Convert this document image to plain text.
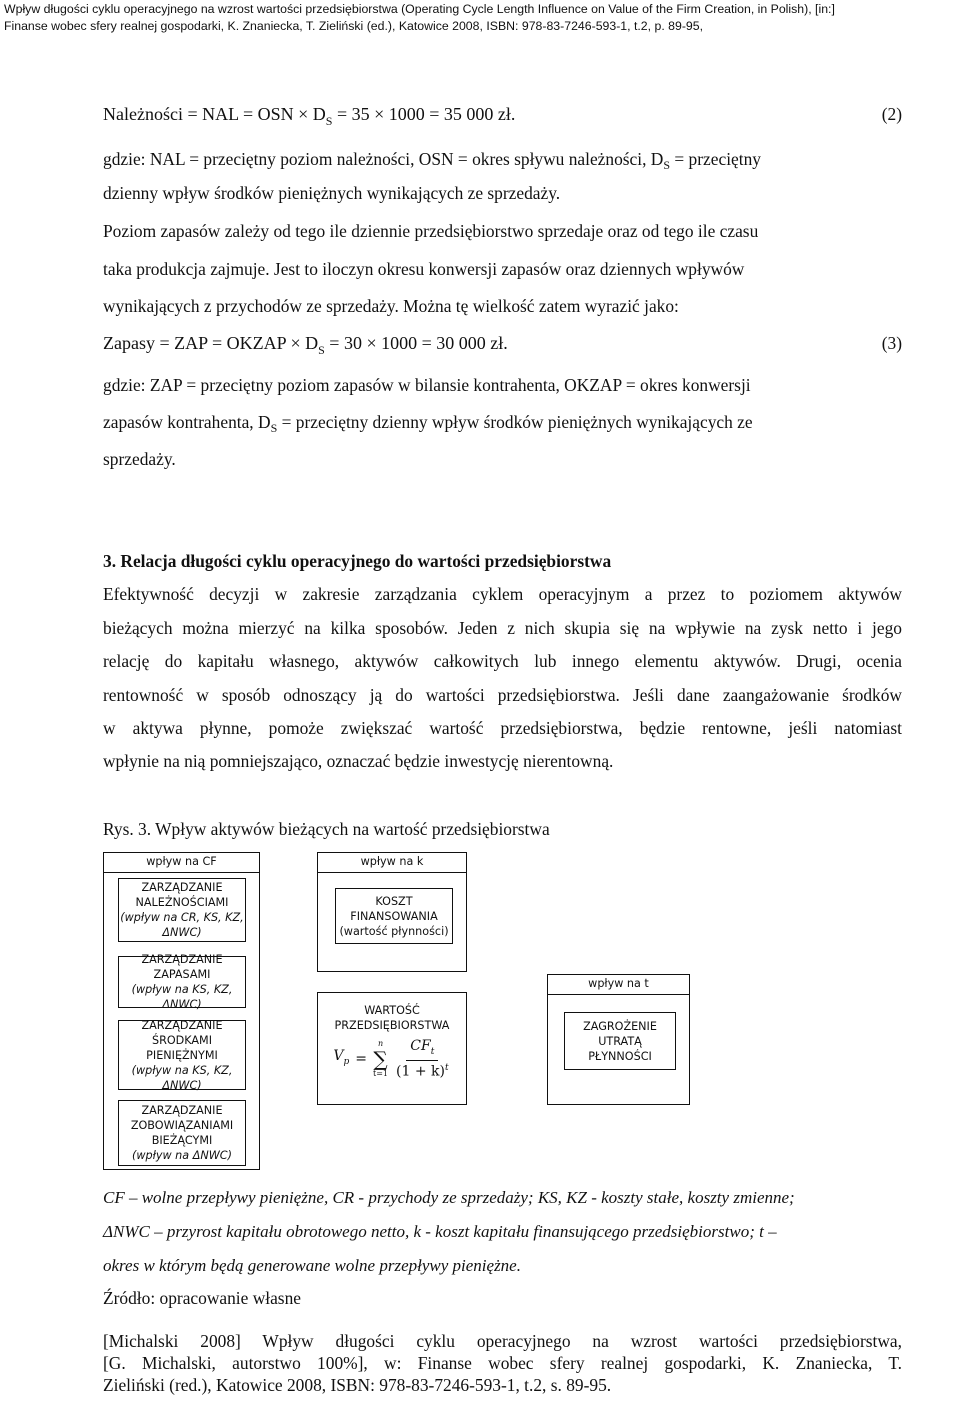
Wpływ długości cyklu operacyjnego na wzrost wartości przedsiębiorstwa (Operating Cycle Length Influence on Value of the Firm Creation, in Polish), [in:]
Finanse wobec sfery realnej gospodarki, K. Znaniecka, T. Zieliński (ed.), Katowice 2008, ISBN: 978-83-7246-593-1, t.2, p. 89-95,
Należności = NAL = OSN × $D_S = 35 \times 1000 = 35$ 000 zł.	(2)
gdzie: NAL = przeciętny poziom należności, OSN = okres spływu należności, $D_S$ = przeciętny
dzienny wpływ środków pieniężnych wynikających ze sprzedaży.
Poziom zapasów zależy od tego ile dziennie przedsiębiorstwo sprzedaje oraz od tego ile czasu
taka produkcja zajmuje. Jest to iloczyn okresu konwersji zapasów oraz dziennych wpływów
wynikających z przychodów ze sprzedaży. Można tę wielkość zatem wyrazić jako:
Zapasy = ZAP = OKZAP × $D_S = 30 \times 1000 = 30$ 000 zł.	(3)
gdzie: ZAP = przeciętny poziom zapasów w bilansie kontrahenta, OKZAP = okres konwersji
zapasów kontrahenta, $D_S$ = przeciętny dzienny wpływ środków pieniężnych wynikających ze
sprzedaży.
3. Relacja długości cyklu operacyjnego do wartości przedsiębiorstwa
Efektywność decyzji w zakresie zarządzania cyklem operacyjnym a przez to poziomem aktywów
bieżących można mierzyć na kilka sposobów. Jeden z nich skupia się na wpływie na zysk netto i jego
relację do kapitału własnego, aktywów całkowitych lub innego elementu aktywów. Drugi, ocenia
rentowność w sposób odnoszący ją do wartości przedsiębiorstwa. Jeśli dane zaangażowanie środków
w aktywa płynne, pomoże zwiększać wartość przedsiębiorstwa, będzie rentowne, jeśli natomiast
wpłynie na nią pomniejszająco, oznaczać będzie inwestycję nierentowną.
Rys. 3. Wpływ aktywów bieżących na wartość przedsiębiorstwa
wpływ na CF
ZARZĄDZANIE
NALEŻNOŚCIAMI
(wpływ na CR, KS, KZ,
ΔNWC)
ZARZĄDZANIE
ZAPASAMI
(wpływ na KS, KZ, ΔNWC)
ZARZĄDZANIE
ŚRODKAMI
PIENIĘŻNYMI
(wpływ na KS, KZ, ΔNWC)
ZARZĄDZANIE
ZOBOWIĄZANIAMI
BIEŻĄCYMI
(wpływ na ΔNWC)
wpływ na k
KOSZT
FINANSOWANIA
(wartość płynności)
WARTOŚĆ
PRZEDSIĘBIORSTWA
$V_p$ =
n
∑
t=1
$CF_t$
$(1 + k)^t$
wpływ na t
ZAGROŻENIE
UTRATĄ
PŁYNNOŚCI
CF – wolne przepływy pieniężne, CR - przychody ze sprzedaży; KS, KZ - koszty stałe, koszty zmienne;
ΔNWC – przyrost kapitału obrotowego netto, k - koszt kapitału finansującego przedsiębiorstwo; t –
okres w którym będą generowane wolne przepływy pieniężne.
Źródło: opracowanie własne
[Michalski 2008] Wpływ długości cyklu operacyjnego na wzrost wartości przedsiębiorstwa,
[G. Michalski, autorstwo 100%], w: Finanse wobec sfery realnej gospodarki, K. Znaniecka, T.
Zieliński (red.), Katowice 2008, ISBN: 978-83-7246-593-1, t.2, s. 89-95.
